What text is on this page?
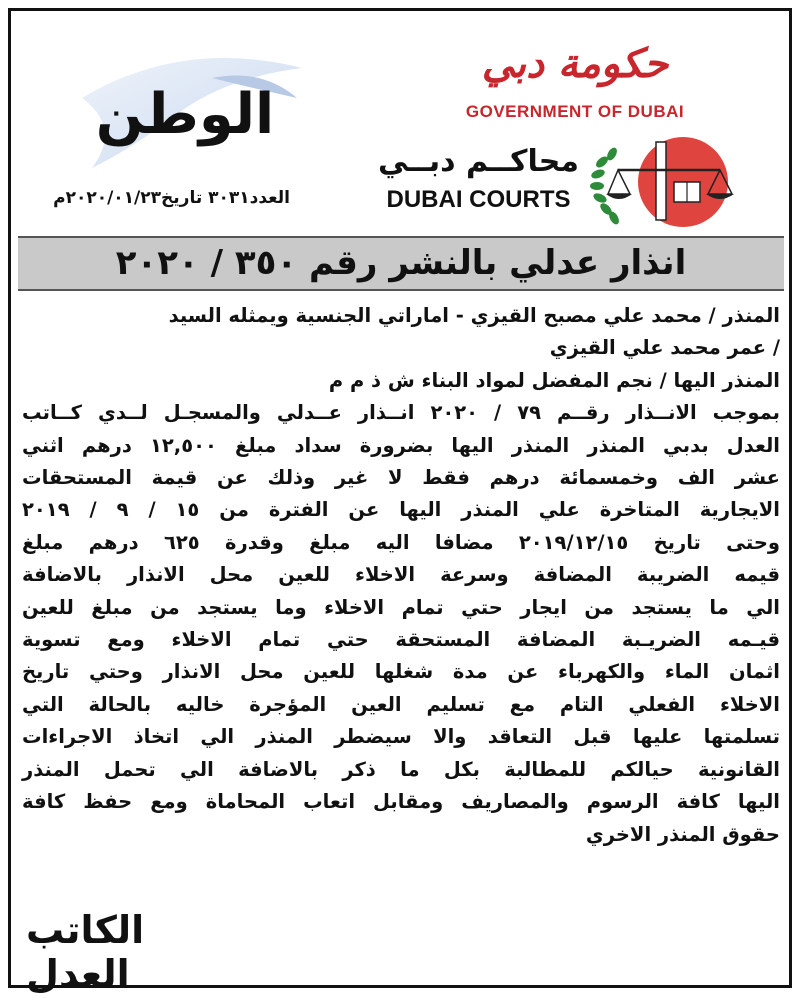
حكومة دبي
GOVERNMENT OF DUBAI
محاكــم دبــي
DUBAI COURTS
الوطن
العدد٣٠٣١ تاريخ٢٠٢٠/٠١/٢٣م
انذار عدلي بالنشر رقم ٣٥٠ / ٢٠٢٠
المنذر / محمد علي مصبح القيزي - اماراتي الجنسية ويمثله السيد
/ عمر محمد علي القيزي
المنذر اليها / نجم المفضل لمواد البناء ش ذ م م
بموجب الانــذار رقــم ٧٩ / ٢٠٢٠ انــذار عــدلي والمسجـل لــدي كــاتب
العدل بدبي المنذر المنذر اليها بضرورة سداد مبلغ ١٢,٥٠٠ درهم اثني
عشر الف وخمسمائة درهم فقط لا غير وذلك عن قيمة المستحقات
الايجارية المتاخرة علي المنذر اليها عن الفترة من ١٥ / ٩ / ٢٠١٩
وحتى تاريخ ٢٠١٩/١٢/١٥ مضافا اليه مبلغ وقدرة ٦٢٥ درهم مبلغ
قيمه الضريبة المضافة وسرعة الاخلاء للعين محل الانذار بالاضافة
الي ما يستجد من ايجار حتي تمام الاخلاء وما يستجد من مبلغ للعين
قيـمه الضريـبة المضافة المستحقة حتي تمام الاخلاء ومع تسوية
اثمان الماء والكهرباء عن مدة شغلها للعين محل الانذار وحتي تاريخ
الاخلاء الفعلي التام مع تسليم العين المؤجرة خاليه بالحالة التي
تسلمتها عليها قبل التعاقد والا سيضطر المنذر الي اتخاذ الاجراءات
القانونية حيالكم للمطالبة بكل ما ذكر بالاضافة الي تحمل المنذر
اليها كافة الرسوم والمصاريف ومقابل اتعاب المحاماة ومع حفظ كافة
حقوق المنذر الاخري
الكاتب العدل
